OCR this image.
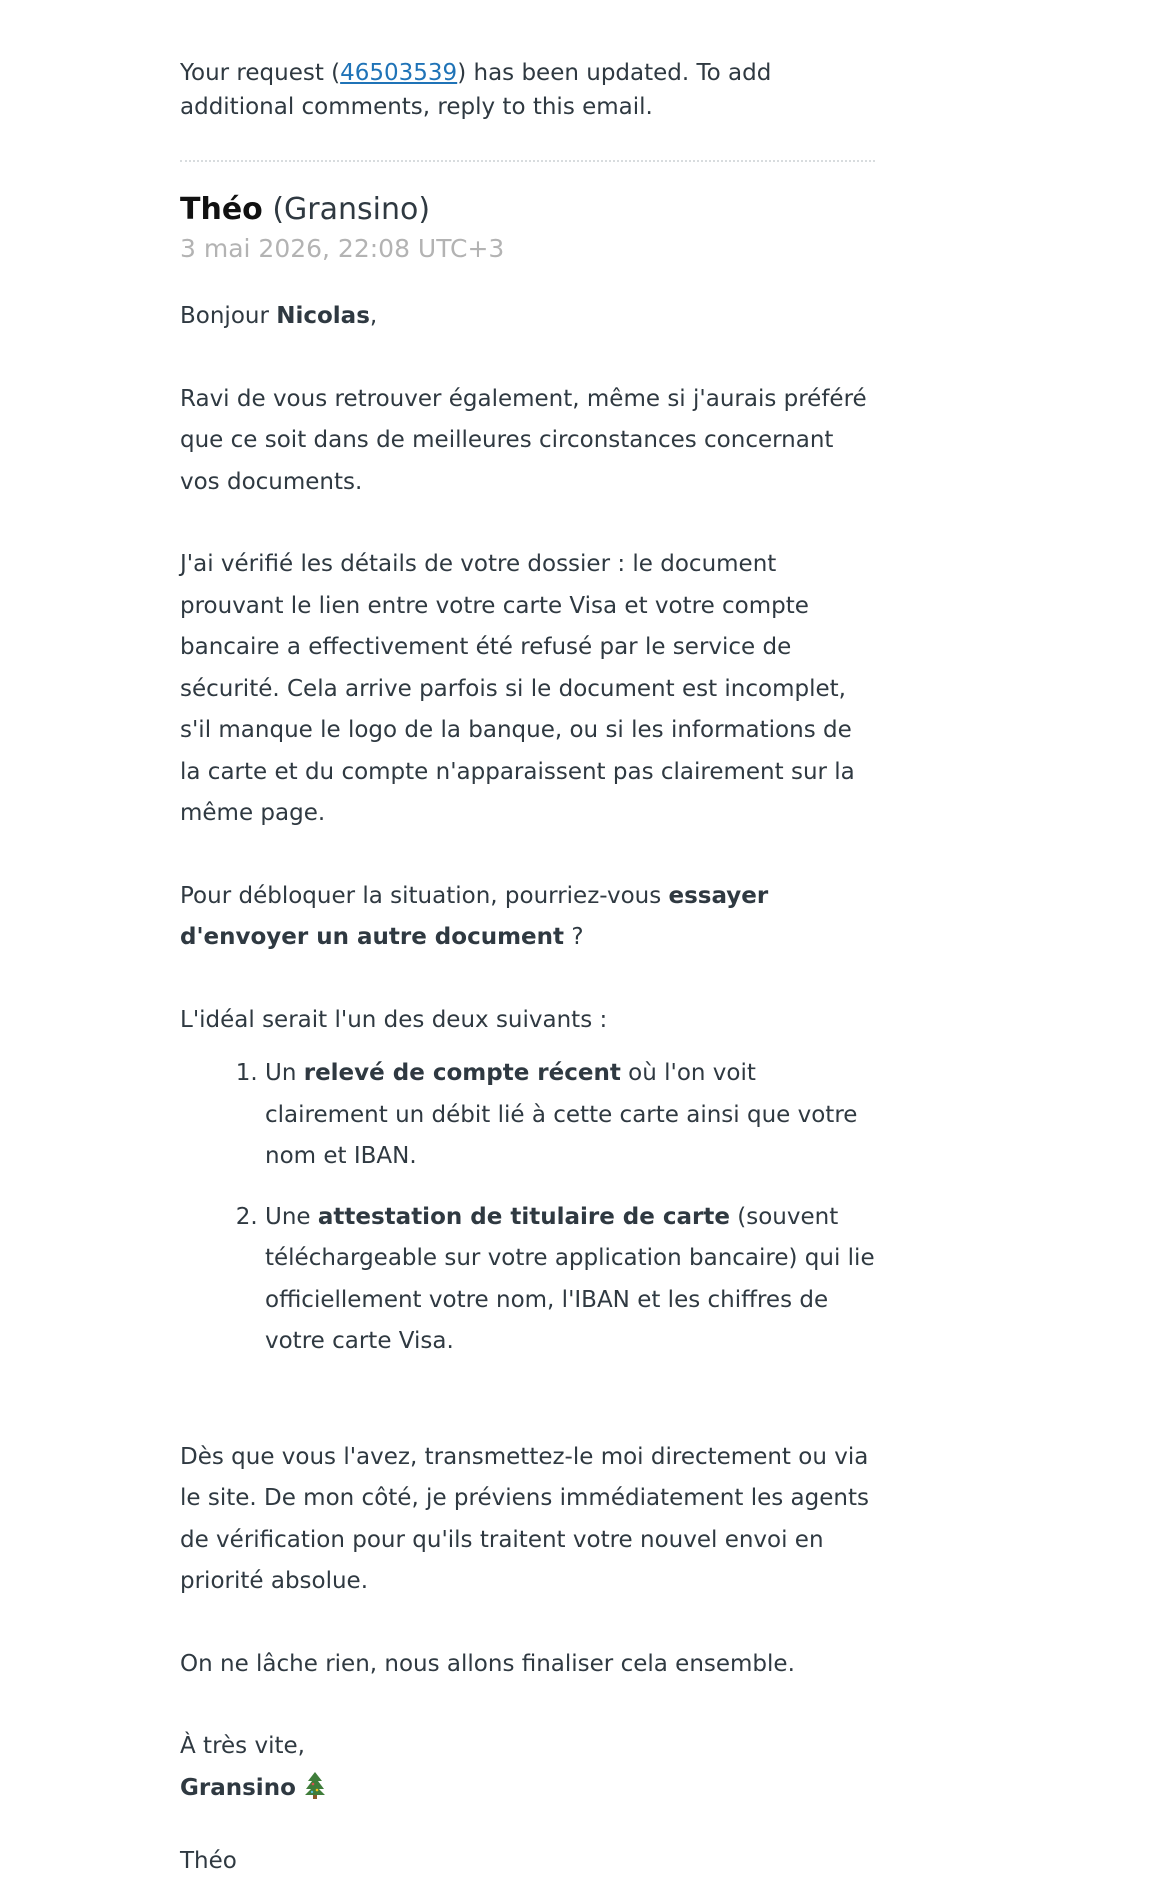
Your request (46503539) has been updated. To add additional comments, reply to this email.

Théo (Gransino)

3 mai 2026, 22:08 UTC+3

Bonjour Nicolas,

Ravi de vous retrouver également, même si j'aurais préféré que ce soit dans de meilleures circonstances concernant vos documents.

J'ai vérifié les détails de votre dossier : le document prouvant le lien entre votre carte Visa et votre compte bancaire a effectivement été refusé par le service de sécurité. Cela arrive parfois si le document est incomplet, s'il manque le logo de la banque, ou si les informations de la carte et du compte n'apparaissent pas clairement sur la même page.

Pour débloquer la situation, pourriez-vous essayer d'envoyer un autre document ?

L'idéal serait l'un des deux suivants :

1. Un relevé de compte récent où l'on voit clairement un débit lié à cette carte ainsi que votre nom et IBAN.
2. Une attestation de titulaire de carte (souvent téléchargeable sur votre application bancaire) qui lie officiellement votre nom, l'IBAN et les chiffres de votre carte Visa.

Dès que vous l'avez, transmettez-le moi directement ou via le site. De mon côté, je préviens immédiatement les agents de vérification pour qu'ils traitent votre nouvel envoi en priorité absolue.

On ne lâche rien, nous allons finaliser cela ensemble.

À très vite,

Gransino

Théo
